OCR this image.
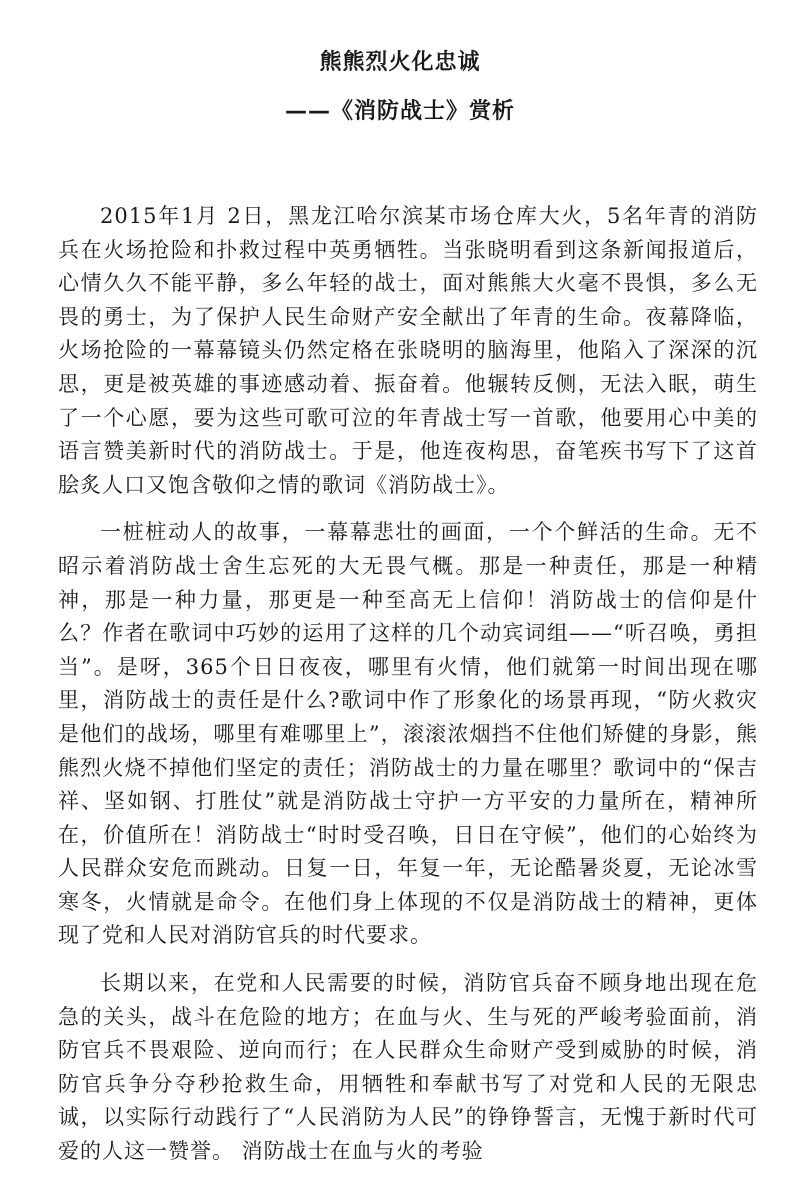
熊熊烈火化忠诚
——《消防战士》赏析

2015年1月 2日，黑龙江哈尔滨某市场仓库大火，5名年青的消防兵在火场抢险和扑救过程中英勇牺牲。当张晓明看到这条新闻报道后，心情久久不能平静，多么年轻的战士，面对熊熊大火毫不畏惧，多么无畏的勇士，为了保护人民生命财产安全献出了年青的生命。夜幕降临，火场抢险的一幕幕镜头仍然定格在张晓明的脑海里，他陷入了深深的沉思，更是被英雄的事迹感动着、振奋着。他辗转反侧，无法入眠，萌生了一个心愿，要为这些可歌可泣的年青战士写一首歌，他要用心中美的语言赞美新时代的消防战士。于是，他连夜构思，奋笔疾书写下了这首脍炙人口又饱含敬仰之情的歌词《消防战士》。

一桩桩动人的故事，一幕幕悲壮的画面，一个个鲜活的生命。无不昭示着消防战士舍生忘死的大无畏气概。那是一种责任，那是一种精神，那是一种力量，那更是一种至高无上信仰！消防战士的信仰是什么？作者在歌词中巧妙的运用了这样的几个动宾词组——“听召唤，勇担当”。是呀，365个日日夜夜，哪里有火情，他们就第一时间出现在哪里，消防战士的责任是什么?歌词中作了形象化的场景再现，“防火救灾是他们的战场，哪里有难哪里上”，滚滚浓烟挡不住他们矫健的身影，熊熊烈火烧不掉他们坚定的责任；消防战士的力量在哪里？歌词中的“保吉祥、坚如钢、打胜仗”就是消防战士守护一方平安的力量所在，精神所在，价值所在！消防战士“时时受召唤，日日在守候”，他们的心始终为人民群众安危而跳动。日复一日，年复一年，无论酷暑炎夏，无论冰雪寒冬，火情就是命令。在他们身上体现的不仅是消防战士的精神，更体现了党和人民对消防官兵的时代要求。

长期以来，在党和人民需要的时候，消防官兵奋不顾身地出现在危急的关头，战斗在危险的地方；在血与火、生与死的严峻考验面前，消防官兵不畏艰险、逆向而行；在人民群众生命财产受到威胁的时候，消防官兵争分夺秒抢救生命，用牺牲和奉献书写了对党和人民的无限忠诚，以实际行动践行了“人民消防为人民”的铮铮誓言，无愧于新时代可爱的人这一赞誉。 消防战士在血与火的考验
